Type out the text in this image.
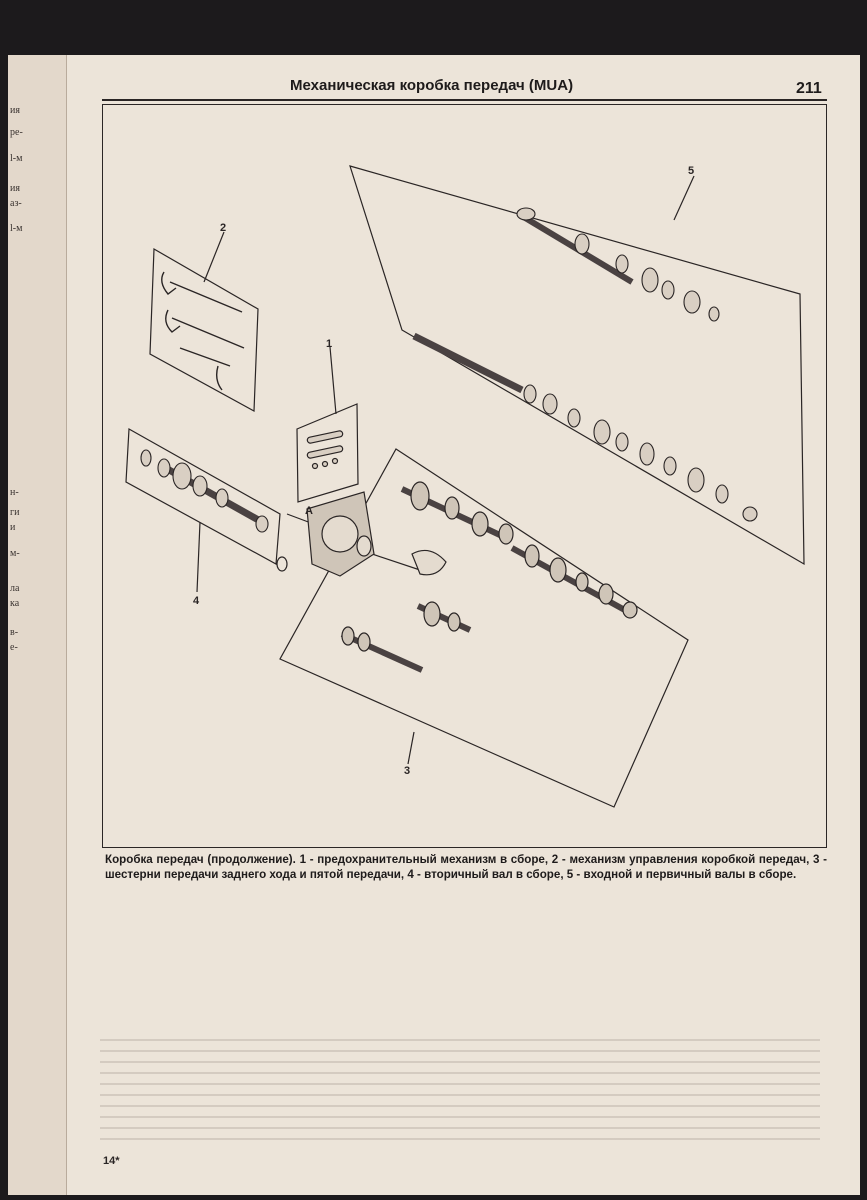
ия
ре-
l-м
ия
аз-
l-м
н-
ги
и
м-
ла
ка
в-
е-
Механическая коробка передач (MUA)	211
5
2
1
4
3
А
Коробка передач (продолжение). 1 - предохранительный механизм в сборе, 2 - механизм управления коробкой передач, 3 - шестерни передачи заднего хода и пятой передачи, 4 - вторичный вал в сборе, 5 - входной и первичный валы в сборе.
14*
